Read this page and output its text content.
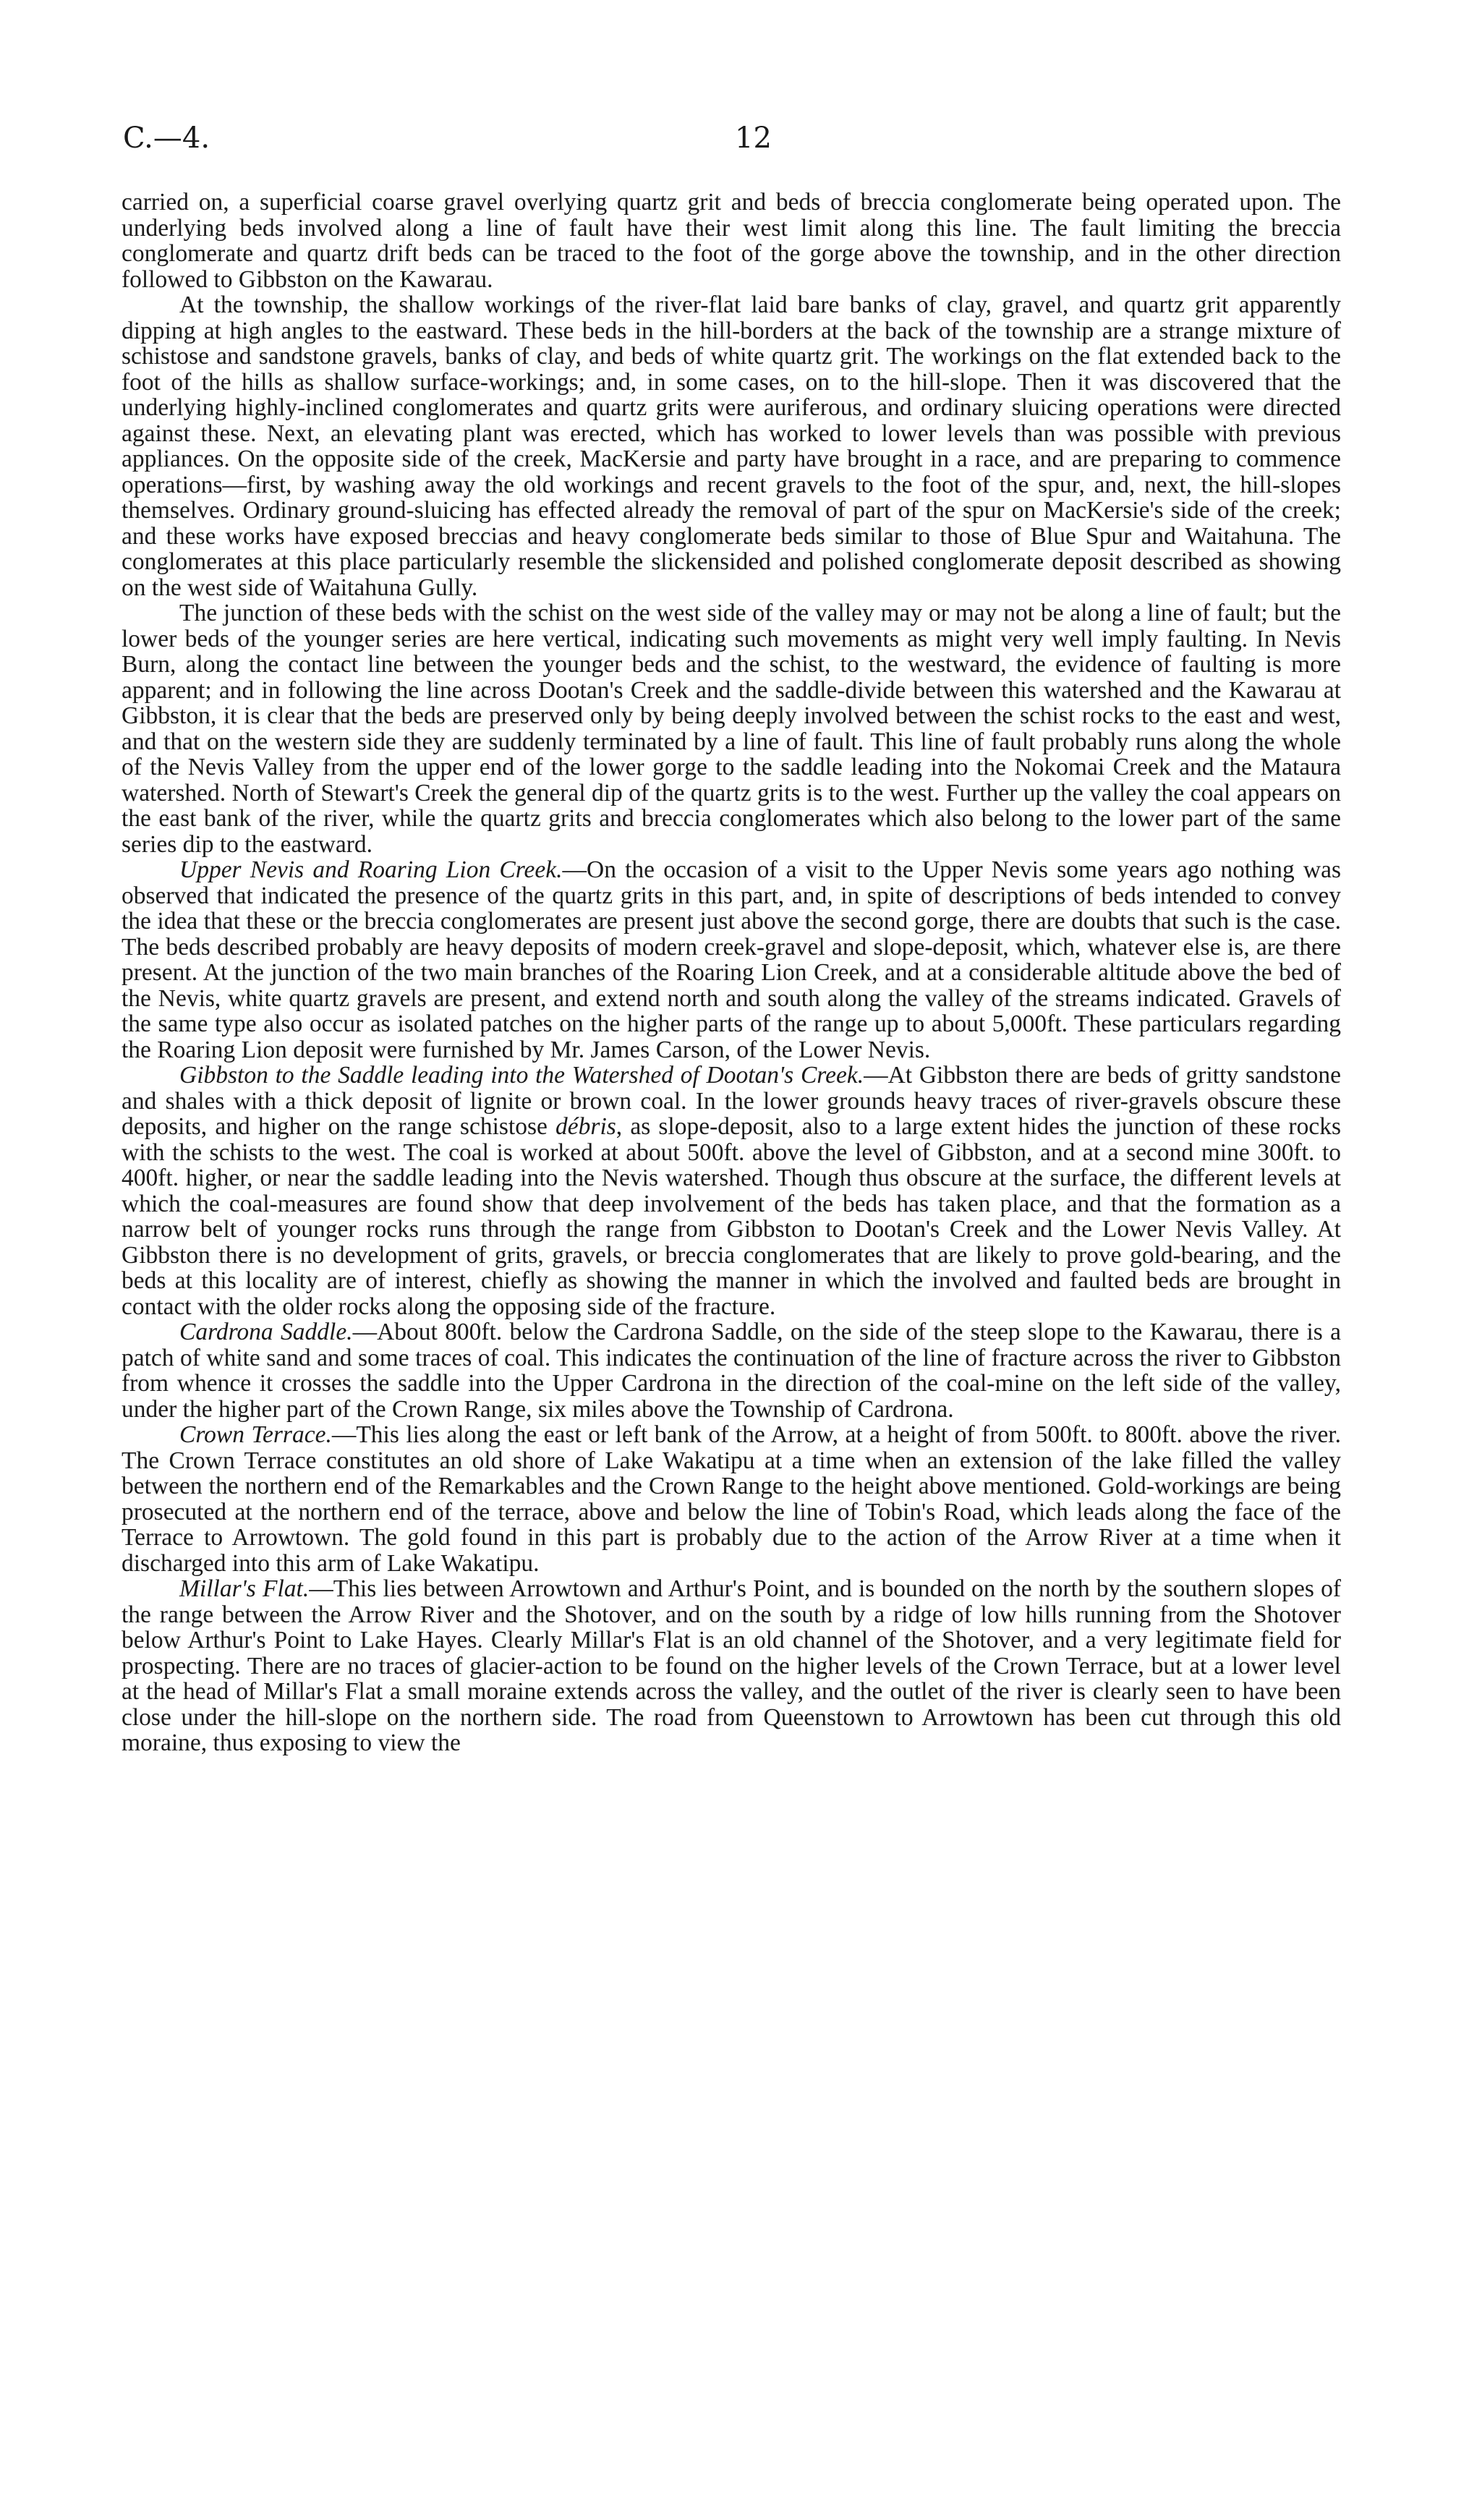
C.—4.	12

carried on, a superficial coarse gravel overlying quartz grit and beds of breccia conglomerate being operated upon. The underlying beds involved along a line of fault have their west limit along this line. The fault limiting the breccia conglomerate and quartz drift beds can be traced to the foot of the gorge above the township, and in the other direction followed to Gibbston on the Kawarau.

At the township, the shallow workings of the river-flat laid bare banks of clay, gravel, and quartz grit apparently dipping at high angles to the eastward. These beds in the hill-borders at the back of the township are a strange mixture of schistose and sandstone gravels, banks of clay, and beds of white quartz grit. The workings on the flat extended back to the foot of the hills as shallow surface-workings; and, in some cases, on to the hill-slope. Then it was discovered that the underlying highly-inclined conglomerates and quartz grits were auriferous, and ordinary sluicing operations were directed against these. Next, an elevating plant was erected, which has worked to lower levels than was possible with previous appliances. On the opposite side of the creek, MacKersie and party have brought in a race, and are preparing to commence operations—first, by washing away the old workings and recent gravels to the foot of the spur, and, next, the hill-slopes themselves. Ordinary ground-sluicing has effected already the removal of part of the spur on MacKersie's side of the creek; and these works have exposed breccias and heavy conglomerate beds similar to those of Blue Spur and Waitahuna. The conglomerates at this place particularly resemble the slickensided and polished conglomerate deposit described as showing on the west side of Waitahuna Gully.

The junction of these beds with the schist on the west side of the valley may or may not be along a line of fault; but the lower beds of the younger series are here vertical, indicating such movements as might very well imply faulting. In Nevis Burn, along the contact line between the younger beds and the schist, to the westward, the evidence of faulting is more apparent; and in following the line across Dootan's Creek and the saddle-divide between this watershed and the Kawarau at Gibbston, it is clear that the beds are preserved only by being deeply involved between the schist rocks to the east and west, and that on the western side they are suddenly terminated by a line of fault. This line of fault probably runs along the whole of the Nevis Valley from the upper end of the lower gorge to the saddle leading into the Nokomai Creek and the Mataura watershed. North of Stewart's Creek the general dip of the quartz grits is to the west. Further up the valley the coal appears on the east bank of the river, while the quartz grits and breccia conglomerates which also belong to the lower part of the same series dip to the eastward.

Upper Nevis and Roaring Lion Creek.—On the occasion of a visit to the Upper Nevis some years ago nothing was observed that indicated the presence of the quartz grits in this part, and, in spite of descriptions of beds intended to convey the idea that these or the breccia conglomerates are present just above the second gorge, there are doubts that such is the case. The beds described probably are heavy deposits of modern creek-gravel and slope-deposit, which, whatever else is, are there present. At the junction of the two main branches of the Roaring Lion Creek, and at a considerable altitude above the bed of the Nevis, white quartz gravels are present, and extend north and south along the valley of the streams indicated. Gravels of the same type also occur as isolated patches on the higher parts of the range up to about 5,000ft. These particulars regarding the Roaring Lion deposit were furnished by Mr. James Carson, of the Lower Nevis.

Gibbston to the Saddle leading into the Watershed of Dootan's Creek.—At Gibbston there are beds of gritty sandstone and shales with a thick deposit of lignite or brown coal. In the lower grounds heavy traces of river-gravels obscure these deposits, and higher on the range schistose débris, as slope-deposit, also to a large extent hides the junction of these rocks with the schists to the west. The coal is worked at about 500ft. above the level of Gibbston, and at a second mine 300ft. to 400ft. higher, or near the saddle leading into the Nevis watershed. Though thus obscure at the surface, the different levels at which the coal-measures are found show that deep involvement of the beds has taken place, and that the formation as a narrow belt of younger rocks runs through the range from Gibbston to Dootan's Creek and the Lower Nevis Valley. At Gibbston there is no development of grits, gravels, or breccia conglomerates that are likely to prove gold-bearing, and the beds at this locality are of interest, chiefly as showing the manner in which the involved and faulted beds are brought in contact with the older rocks along the opposing side of the fracture.

Cardrona Saddle.—About 800ft. below the Cardrona Saddle, on the side of the steep slope to the Kawarau, there is a patch of white sand and some traces of coal. This indicates the continuation of the line of fracture across the river to Gibbston from whence it crosses the saddle into the Upper Cardrona in the direction of the coal-mine on the left side of the valley, under the higher part of the Crown Range, six miles above the Township of Cardrona.

Crown Terrace.—This lies along the east or left bank of the Arrow, at a height of from 500ft. to 800ft. above the river. The Crown Terrace constitutes an old shore of Lake Wakatipu at a time when an extension of the lake filled the valley between the northern end of the Remarkables and the Crown Range to the height above mentioned. Gold-workings are being prosecuted at the northern end of the terrace, above and below the line of Tobin's Road, which leads along the face of the Terrace to Arrowtown. The gold found in this part is probably due to the action of the Arrow River at a time when it discharged into this arm of Lake Wakatipu.

Millar's Flat.—This lies between Arrowtown and Arthur's Point, and is bounded on the north by the southern slopes of the range between the Arrow River and the Shotover, and on the south by a ridge of low hills running from the Shotover below Arthur's Point to Lake Hayes. Clearly Millar's Flat is an old channel of the Shotover, and a very legitimate field for prospecting. There are no traces of glacier-action to be found on the higher levels of the Crown Terrace, but at a lower level at the head of Millar's Flat a small moraine extends across the valley, and the outlet of the river is clearly seen to have been close under the hill-slope on the northern side. The road from Queenstown to Arrowtown has been cut through this old moraine, thus exposing to view the
